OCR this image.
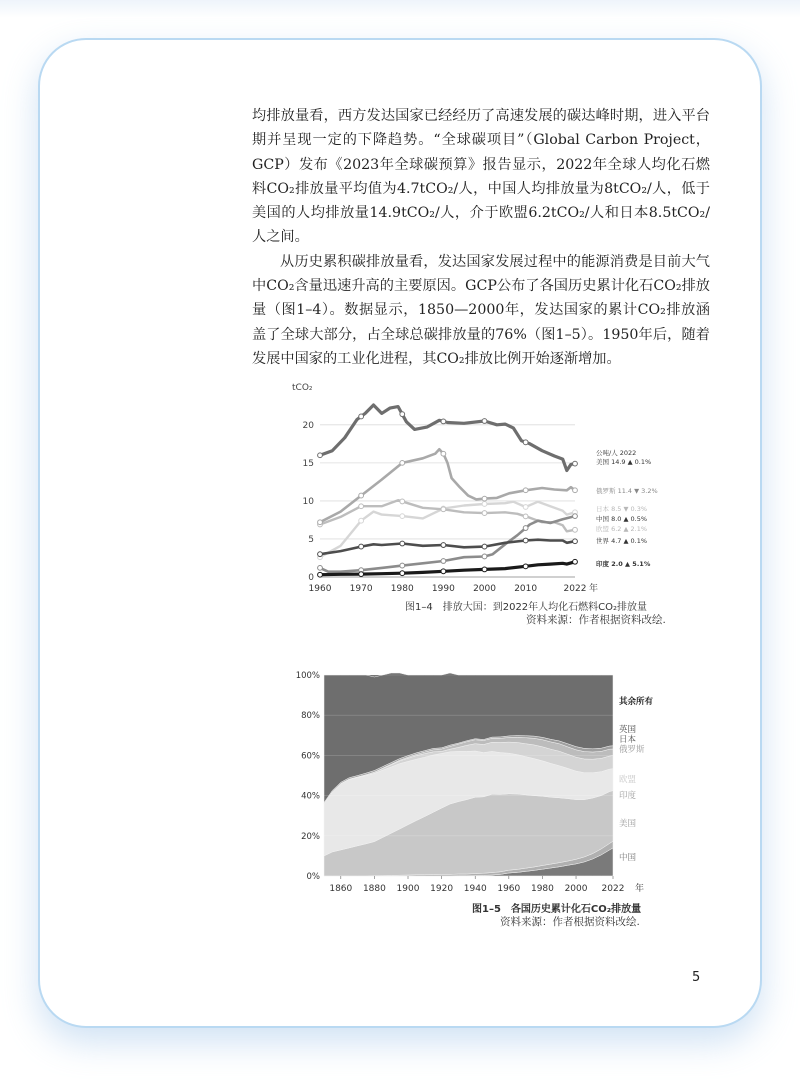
均排放量看，西方发达国家已经经历了高速发展的碳达峰时期，进入平台期并呈现一定的下降趋势。“全球碳项目”（Global Carbon Project，GCP）发布《2023年全球碳预算》报告显示，2022年全球人均化石燃料CO₂排放量平均值为4.7tCO₂/人，中国人均排放量为8tCO₂/人，低于美国的人均排放量14.9tCO₂/人，介于欧盟6.2tCO₂/人和日本8.5tCO₂/人之间。

从历史累积碳排放量看，发达国家发展过程中的能源消费是目前大气中CO₂含量迅速升高的主要原因。GCP公布了各国历史累计化石CO₂排放量（图1–4）。数据显示，1850—2000年，发达国家的累计CO₂排放涵盖了全球大部分，占全球总碳排放量的76%（图1–5）。1950年后，随着发展中国家的工业化进程，其CO₂排放比例开始逐渐增加。

tCO₂
0
5
10
15
20
1960 1970 1980 1990 2000 2010	2022 年
公吨/人 2022
美国 14.9 ▲ 0.1%
俄罗斯 11.4 ▼ 3.2%
日本 8.5 ▼ 0.3%
中国 8.0 ▲ 0.5%
欧盟 6.2 ▲ 2.1%
世界 4.7 ▲ 0.1%
印度 2.0 ▲ 5.1%
图1–4　排放大国：到2022年人均化石燃料CO₂排放量
资料来源：作者根据资料改绘.
0%
20%
40%
60%
80%
100%
1860 1880 1900 1920 1940 1960 1980 2000 2022 年
中国
印度
美国
欧盟
俄罗斯
日本
英国
其余所有
图1–5　各国历史累计化石CO₂排放量
资料来源：作者根据资料改绘.
5
